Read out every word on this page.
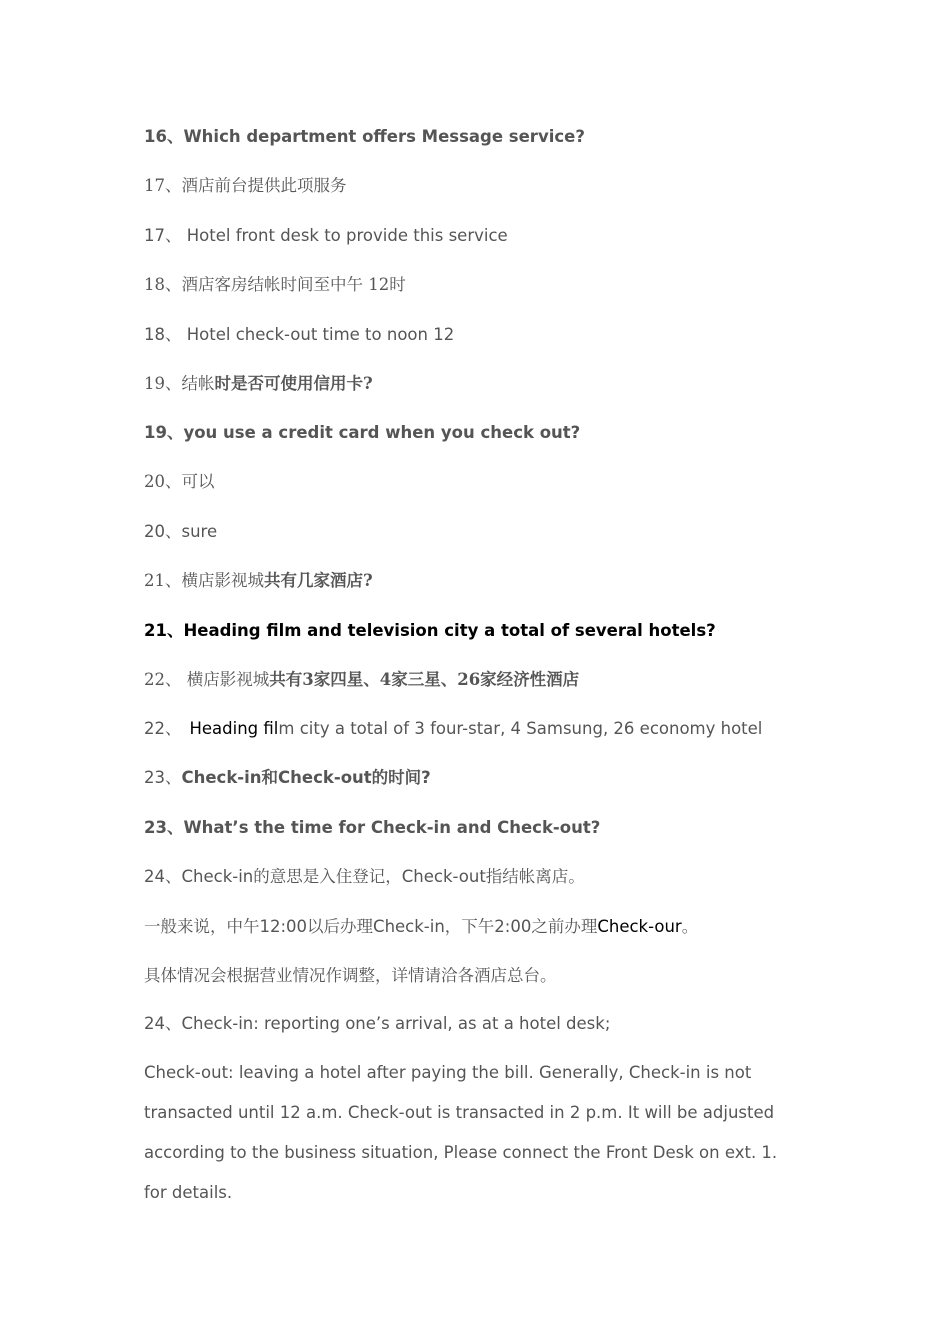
16、Which department offers Message service?
17、酒店前台提供此项服务
17、 Hotel front desk to provide this service
18、酒店客房结帐时间至中午 12时
18、 Hotel check-out time to noon 12
19、结帐时是否可使用信用卡?
19、you use a credit card when you check out?
20、可以
20、sure
21、横店影视城共有几家酒店?
21、Heading film and television city a total of several hotels?
22、 横店影视城共有3家四星、4家三星、26家经济性酒店
22、 Heading film city a total of 3 four-star, 4 Samsung, 26 economy hotel
23、Check-in和Check-out的时间?
23、What’s the time for Check-in and Check-out?
24、Check-in的意思是入住登记，Check-out指结帐离店。
一般来说，中午12:00以后办理Check-in，下午2:00之前办理Check-our。
具体情况会根据营业情况作调整，详情请洽各酒店总台。
24、Check-in: reporting one’s arrival, as at a hotel desk;
Check-out: leaving a hotel after paying the bill. Generally, Check-in is not
transacted until 12 a.m. Check-out is transacted in 2 p.m. It will be adjusted
according to the business situation, Please connect the Front Desk on ext. 1.
for details.
